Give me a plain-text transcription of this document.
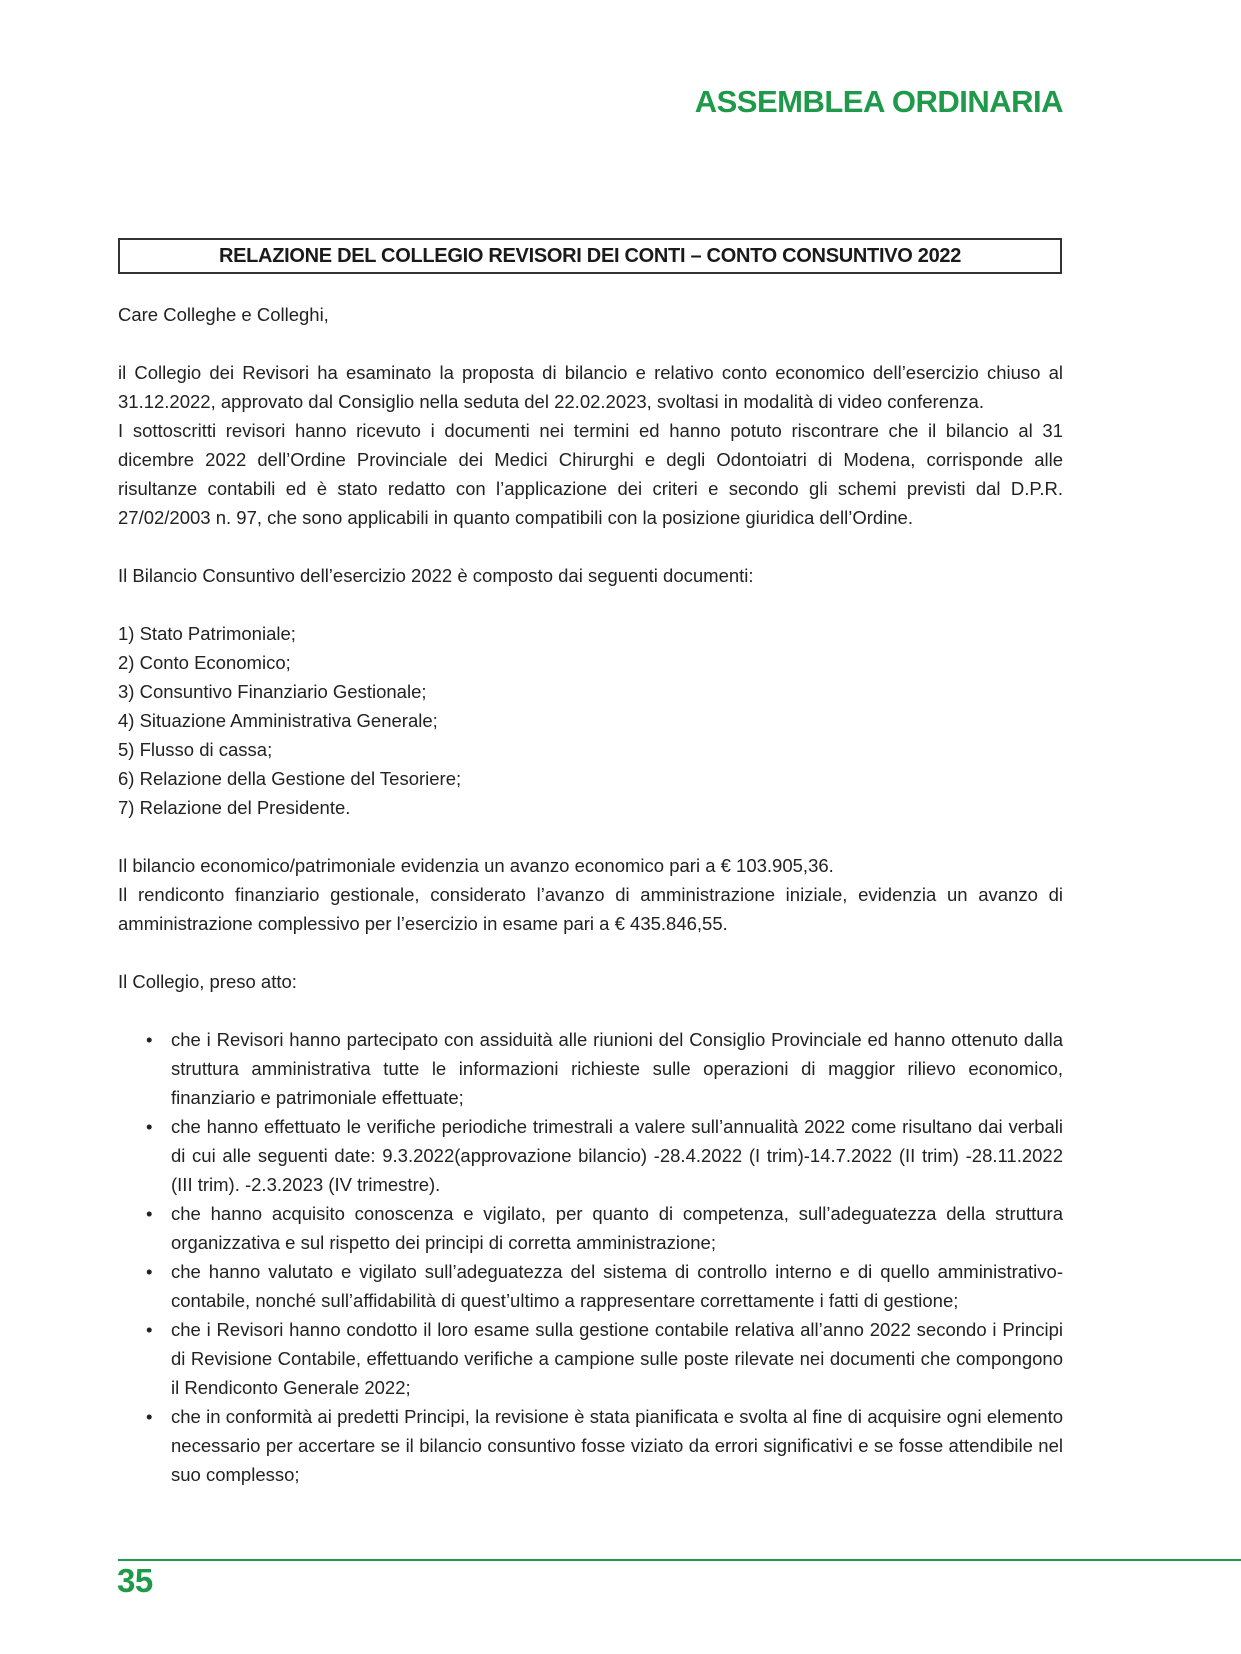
ASSEMBLEA ORDINARIA
RELAZIONE DEL COLLEGIO REVISORI DEI CONTI – CONTO CONSUNTIVO 2022

Care Colleghe e Colleghi,

il Collegio dei Revisori ha esaminato la proposta di bilancio e relativo conto economico dell’esercizio chiuso al 31.12.2022, approvato dal Consiglio nella seduta del 22.02.2023, svoltasi in modalità di video conferenza.

I sottoscritti revisori hanno ricevuto i documenti nei termini ed hanno potuto riscontrare che il bilancio al 31 dicembre 2022 dell’Ordine Provinciale dei Medici Chirurghi e degli Odontoiatri di Modena, corrisponde alle risultanze contabili ed è stato redatto con l’applicazione dei criteri e secondo gli schemi previsti dal D.P.R. 27/02/2003 n. 97, che sono applicabili in quanto compatibili con la posizione giuridica dell’Ordine.

Il Bilancio Consuntivo dell’esercizio 2022 è composto dai seguenti documenti:

1) Stato Patrimoniale;

2) Conto Economico;

3) Consuntivo Finanziario Gestionale;

4) Situazione Amministrativa Generale;

5) Flusso di cassa;

6) Relazione della Gestione del Tesoriere;

7) Relazione del Presidente.

Il bilancio economico/patrimoniale evidenzia un avanzo economico pari a € 103.905,36.

Il rendiconto finanziario gestionale, considerato l’avanzo di amministrazione iniziale, evidenzia un avanzo di amministrazione complessivo per l’esercizio in esame pari a € 435.846,55.

Il Collegio, preso atto:

• che i Revisori hanno partecipato con assiduità alle riunioni del Consiglio Provinciale ed hanno ottenuto dalla struttura amministrativa tutte le informazioni richieste sulle operazioni di maggior rilievo economico, finanziario e patrimoniale effettuate;
• che hanno effettuato le verifiche periodiche trimestrali a valere sull’annualità 2022 come risultano dai verbali di cui alle seguenti date: 9.3.2022(approvazione bilancio) -28.4.2022 (I trim)-14.7.2022 (II trim) -28.11.2022 (III trim). -2.3.2023 (IV trimestre).
• che hanno acquisito conoscenza e vigilato, per quanto di competenza, sull’adeguatezza della struttura organizzativa e sul rispetto dei principi di corretta amministrazione;
• che hanno valutato e vigilato sull’adeguatezza del sistema di controllo interno e di quello amministrativo-contabile, nonché sull’affidabilità di quest’ultimo a rappresentare correttamente i fatti di gestione;
• che i Revisori hanno condotto il loro esame sulla gestione contabile relativa all’anno 2022 secondo i Principi di Revisione Contabile, effettuando verifiche a campione sulle poste rilevate nei documenti che compongono il Rendiconto Generale 2022;
• che in conformità ai predetti Principi, la revisione è stata pianificata e svolta al fine di acquisire ogni elemento necessario per accertare se il bilancio consuntivo fosse viziato da errori significativi e se fosse attendibile nel suo complesso;
35
